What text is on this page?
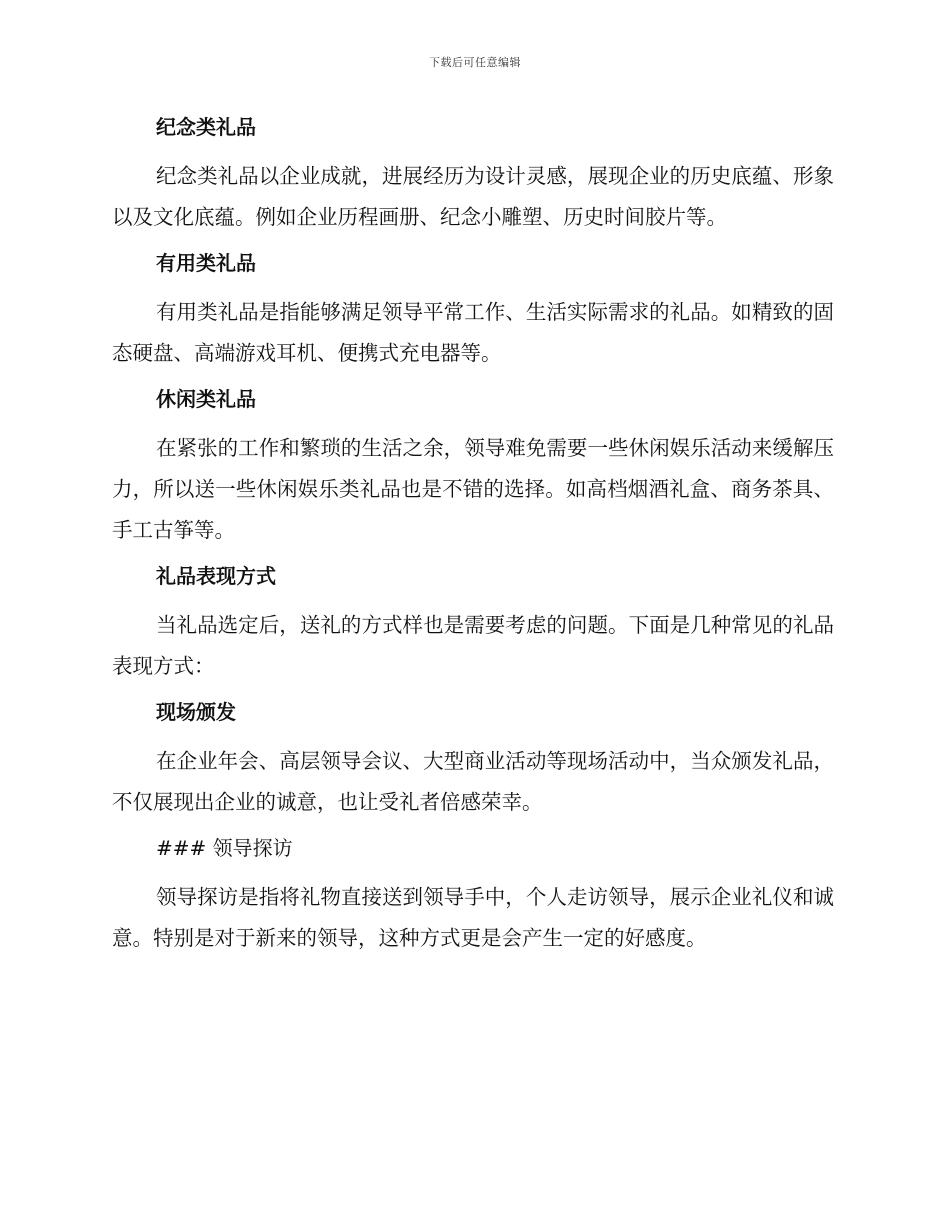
下载后可任意编辑
纪念类礼品

纪念类礼品以企业成就，进展经历为设计灵感，展现企业的历史底蕴、形象以及文化底蕴。例如企业历程画册、纪念小雕塑、历史时间胶片等。

有用类礼品

有用类礼品是指能够满足领导平常工作、生活实际需求的礼品。如精致的固态硬盘、高端游戏耳机、便携式充电器等。

休闲类礼品

在紧张的工作和繁琐的生活之余，领导难免需要一些休闲娱乐活动来缓解压力，所以送一些休闲娱乐类礼品也是不错的选择。如高档烟酒礼盒、商务茶具、手工古筝等。

礼品表现方式

当礼品选定后，送礼的方式样也是需要考虑的问题。下面是几种常见的礼品表现方式：

现场颁发

在企业年会、高层领导会议、大型商业活动等现场活动中，当众颁发礼品，不仅展现出企业的诚意，也让受礼者倍感荣幸。

### 领导探访

领导探访是指将礼物直接送到领导手中，个人走访领导，展示企业礼仪和诚意。特别是对于新来的领导，这种方式更是会产生一定的好感度。
